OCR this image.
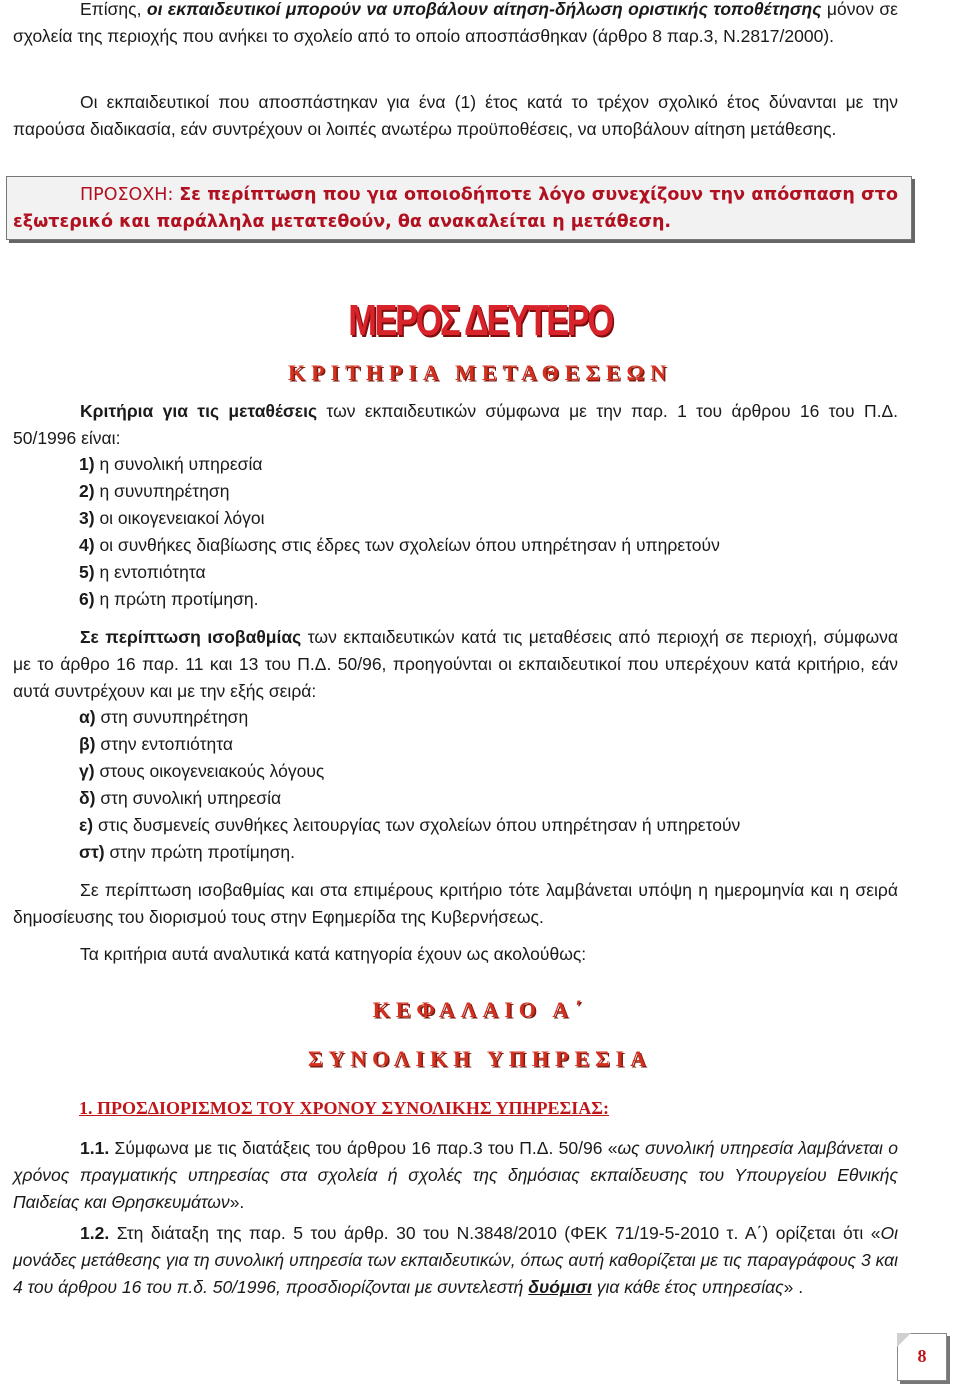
Επίσης, οι εκπαιδευτικοί μπορούν να υποβάλουν αίτηση-δήλωση οριστικής τοποθέτησης μόνον σε σχολεία της περιοχής που ανήκει το σχολείο από το οποίο αποσπάσθηκαν (άρθρο 8 παρ.3, Ν.2817/2000).

Οι εκπαιδευτικοί που αποσπάστηκαν για ένα (1) έτος κατά το τρέχον σχολικό έτος δύνανται με την παρούσα διαδικασία, εάν συντρέχουν οι λοιπές ανωτέρω προϋποθέσεις, να υποβάλουν αίτηση μετάθεσης.

ΠΡΟΣΟΧΗ: Σε περίπτωση που για οποιοδήποτε λόγο συνεχίζουν την απόσπαση στο εξωτερικό και παράλληλα μετατεθούν, θα ανακαλείται η μετάθεση.

ΜΕΡΟΣ ΔΕΥΤΕΡΟ
ΚΡΙΤΗΡΙΑ ΜΕΤΑΘΕΣΕΩΝ

Κριτήρια για τις μεταθέσεις των εκπαιδευτικών σύμφωνα με την παρ. 1 του άρθρου 16 του Π.Δ. 50/1996 είναι:

1) η συνολική υπηρεσία

2) η συνυπηρέτηση

3) οι οικογενειακοί λόγοι

4) οι συνθήκες διαβίωσης στις έδρες των σχολείων όπου υπηρέτησαν ή υπηρετούν

5) η εντοπιότητα

6) η πρώτη προτίμηση.

Σε περίπτωση ισοβαθμίας των εκπαιδευτικών κατά τις μεταθέσεις από περιοχή σε περιοχή, σύμφωνα με το άρθρο 16 παρ. 11 και 13 του Π.Δ. 50/96, προηγούνται οι εκπαιδευτικοί που υπερέχουν κατά κριτήριο, εάν αυτά συντρέχουν και με την εξής σειρά:

α) στη συνυπηρέτηση

β) στην εντοπιότητα

γ) στους οικογενειακούς λόγους

δ) στη συνολική υπηρεσία

ε) στις δυσμενείς συνθήκες λειτουργίας των σχολείων όπου υπηρέτησαν ή υπηρετούν

στ) στην πρώτη προτίμηση.

Σε περίπτωση ισοβαθμίας και στα επιμέρους κριτήριο τότε λαμβάνεται υπόψη η ημερομηνία και η σειρά δημοσίευσης του διορισμού τους στην Εφημερίδα της Κυβερνήσεως.

Τα κριτήρια αυτά αναλυτικά κατά κατηγορία έχουν ως ακολούθως:

ΚΕΦΑΛΑΙΟ Α΄
ΣΥΝΟΛΙΚΗ ΥΠΗΡΕΣΙΑ

1. ΠΡΟΣΔΙΟΡΙΣΜΟΣ ΤΟΥ ΧΡΟΝΟΥ ΣΥΝΟΛΙΚΗΣ ΥΠΗΡΕΣΙΑΣ:

1.1. Σύμφωνα με τις διατάξεις του άρθρου 16 παρ.3 του Π.Δ. 50/96 «ως συνολική υπηρεσία λαμβάνεται ο χρόνος πραγματικής υπηρεσίας στα σχολεία ή σχολές της δημόσιας εκπαίδευσης του Υπουργείου Εθνικής Παιδείας και Θρησκευμάτων».

1.2. Στη διάταξη της παρ. 5 του άρθρ. 30 του Ν.3848/2010 (ΦΕΚ 71/19-5-2010 τ. Α΄) ορίζεται ότι «Οι μονάδες μετάθεσης για τη συνολική υπηρεσία των εκπαιδευτικών, όπως αυτή καθορίζεται με τις παραγράφους 3 και 4 του άρθρου 16 του π.δ. 50/1996, προσδιορίζονται με συντελεστή δυόμισι για κάθε έτος υπηρεσίας» .

8
